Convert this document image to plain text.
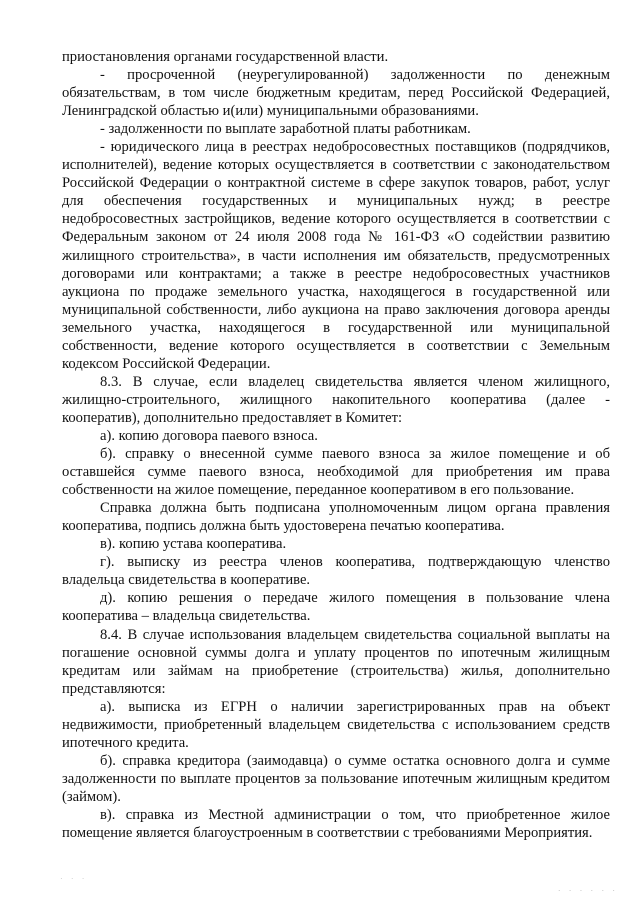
приостановления органами государственной власти.

- просроченной (неурегулированной) задолженности по денежным обязательствам, в том числе бюджетным кредитам, перед Российской Федерацией, Ленинградской областью и(или) муниципальными образованиями.

- задолженности по выплате заработной платы работникам.

- юридического лица в реестрах недобросовестных поставщиков (подрядчиков, исполнителей), ведение которых осуществляется в соответствии с законодательством Российской Федерации о контрактной системе в сфере закупок товаров, работ, услуг для обеспечения государственных и муниципальных нужд; в реестре недобросовестных застройщиков, ведение которого осуществляется в соответствии с Федеральным законом от 24 июля 2008 года № 161-ФЗ «О содействии развитию жилищного строительства», в части исполнения им обязательств, предусмотренных договорами или контрактами; а также в реестре недобросовестных участников аукциона по продаже земельного участка, находящегося в государственной или муниципальной собственности, либо аукциона на право заключения договора аренды земельного участка, находящегося в государственной или муниципальной собственности, ведение которого осуществляется в соответствии с Земельным кодексом Российской Федерации.

8.3. В случае, если владелец свидетельства является членом жилищного, жилищно-строительного, жилищного накопительного кооператива (далее - кооператив), дополнительно предоставляет в Комитет:

а). копию договора паевого взноса.

б). справку о внесенной сумме паевого взноса за жилое помещение и об оставшейся сумме паевого взноса, необходимой для приобретения им права собственности на жилое помещение, переданное кооперативом в его пользование.

Справка должна быть подписана уполномоченным лицом органа правления кооператива, подпись должна быть удостоверена печатью кооператива.

в). копию устава кооператива.

г). выписку из реестра членов кооператива, подтверждающую членство владельца свидетельства в кооперативе.

д). копию решения о передаче жилого помещения в пользование члена кооператива – владельца свидетельства.

8.4. В случае использования владельцем свидетельства социальной выплаты на погашение основной суммы долга и уплату процентов по ипотечным жилищным кредитам или займам на приобретение (строительства) жилья, дополнительно представляются:

а). выписка из ЕГРН о наличии зарегистрированных прав на объект недвижимости, приобретенный владельцем свидетельства с использованием средств ипотечного кредита.

б). справка кредитора (заимодавца) о сумме остатка основного долга и сумме задолженности по выплате процентов за пользование ипотечным жилищным кредитом (займом).

в). справка из Местной администрации о том, что приобретенное жилое помещение является благоустроенным в соответствии с требованиями Мероприятия.

· · ·
· · · · · ·
